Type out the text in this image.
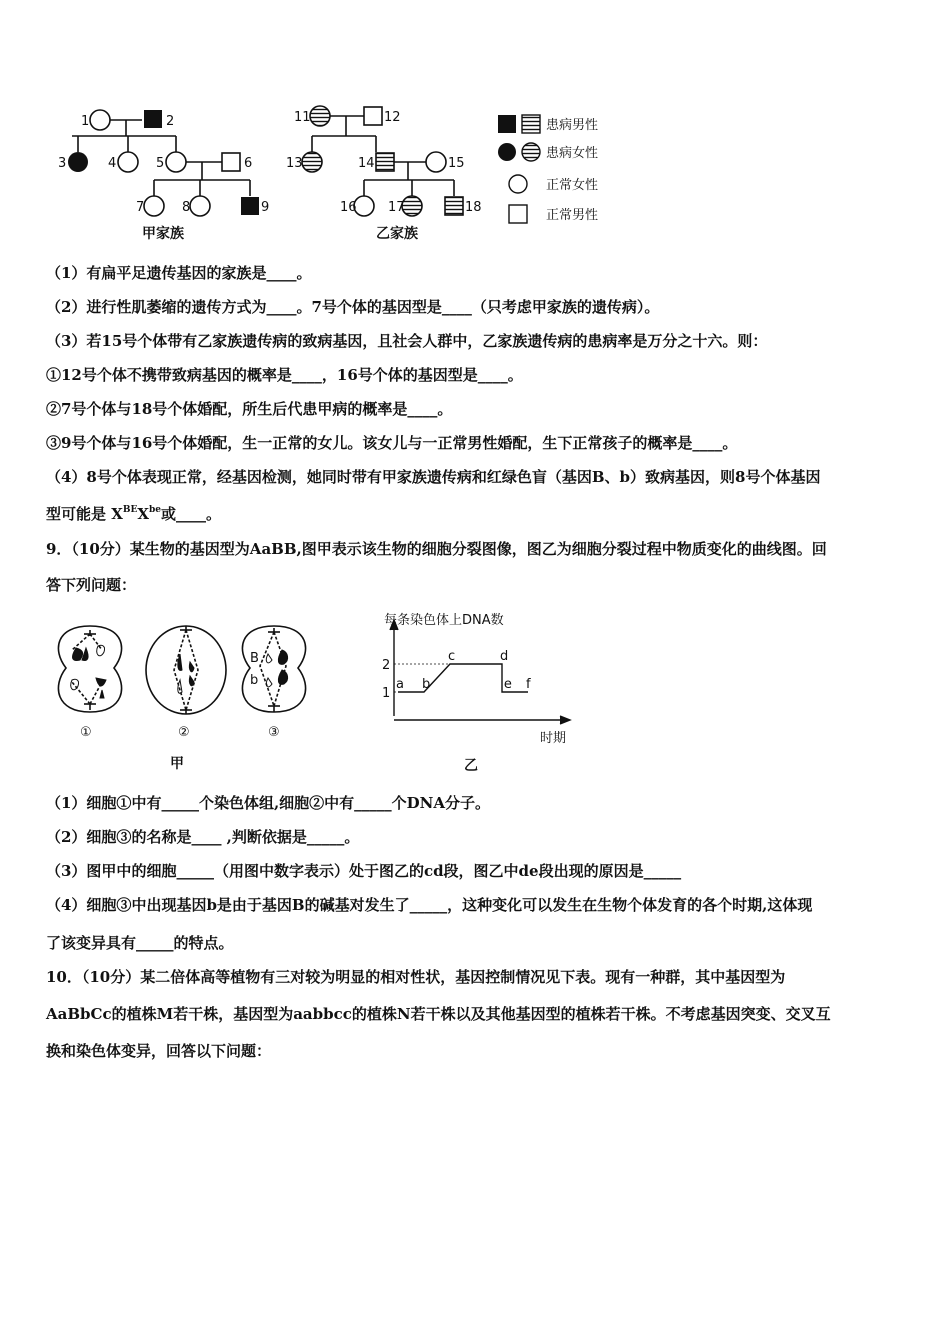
1	2
3	4	5	6
7	8	9
甲家族
11	12
13	14	15
16 17	18
乙家族
患病男性
患病女性
正常女性
正常男性
（1）有扁平足遗传基因的家族是____。
（2）进行性肌萎缩的遗传方式为____。7号个体的基因型是____（只考虑甲家族的遗传病）。
（3）若15号个体带有乙家族遗传病的致病基因，且社会人群中，乙家族遗传病的患病率是万分之十六。则：
①12号个体不携带致病基因的概率是____，16号个体的基因型是____。
②7号个体与18号个体婚配，所生后代患甲病的概率是____。
③9号个体与16号个体婚配，生一正常的女儿。该女儿与一正常男性婚配，生下正常孩子的概率是____。
（4）8号个体表现正常，经基因检测，她同时带有甲家族遗传病和红绿色盲（基因B、b）致病基因，则8号个体基因
型可能是 $X^{BE}X^{be}$或____。
9．（10分）某生物的基因型为AaBB,图甲表示该生物的细胞分裂图像，图乙为细胞分裂过程中物质变化的曲线图。回
答下列问题：
B
b
①	②	③
甲
每条染色体上DNA数
时期
乙
1
2
a b
c	d
e f
（1）细胞①中有_____个染色体组,细胞②中有_____个DNA分子。
（2）细胞③的名称是____ ,判断依据是_____。
（3）图甲中的细胞_____（用图中数字表示）处于图乙的cd段，图乙中de段出现的原因是_____
（4）细胞③中出现基因b是由于基因B的碱基对发生了_____，这种变化可以发生在生物个体发育的各个时期,这体现
了该变异具有_____的特点。
10．（10分）某二倍体高等植物有三对较为明显的相对性状，基因控制情况见下表。现有一种群，其中基因型为
AaBbCc的植株M若干株，基因型为aabbcc的植株N若干株以及其他基因型的植株若干株。不考虑基因突变、交叉互
换和染色体变异，回答以下问题：
